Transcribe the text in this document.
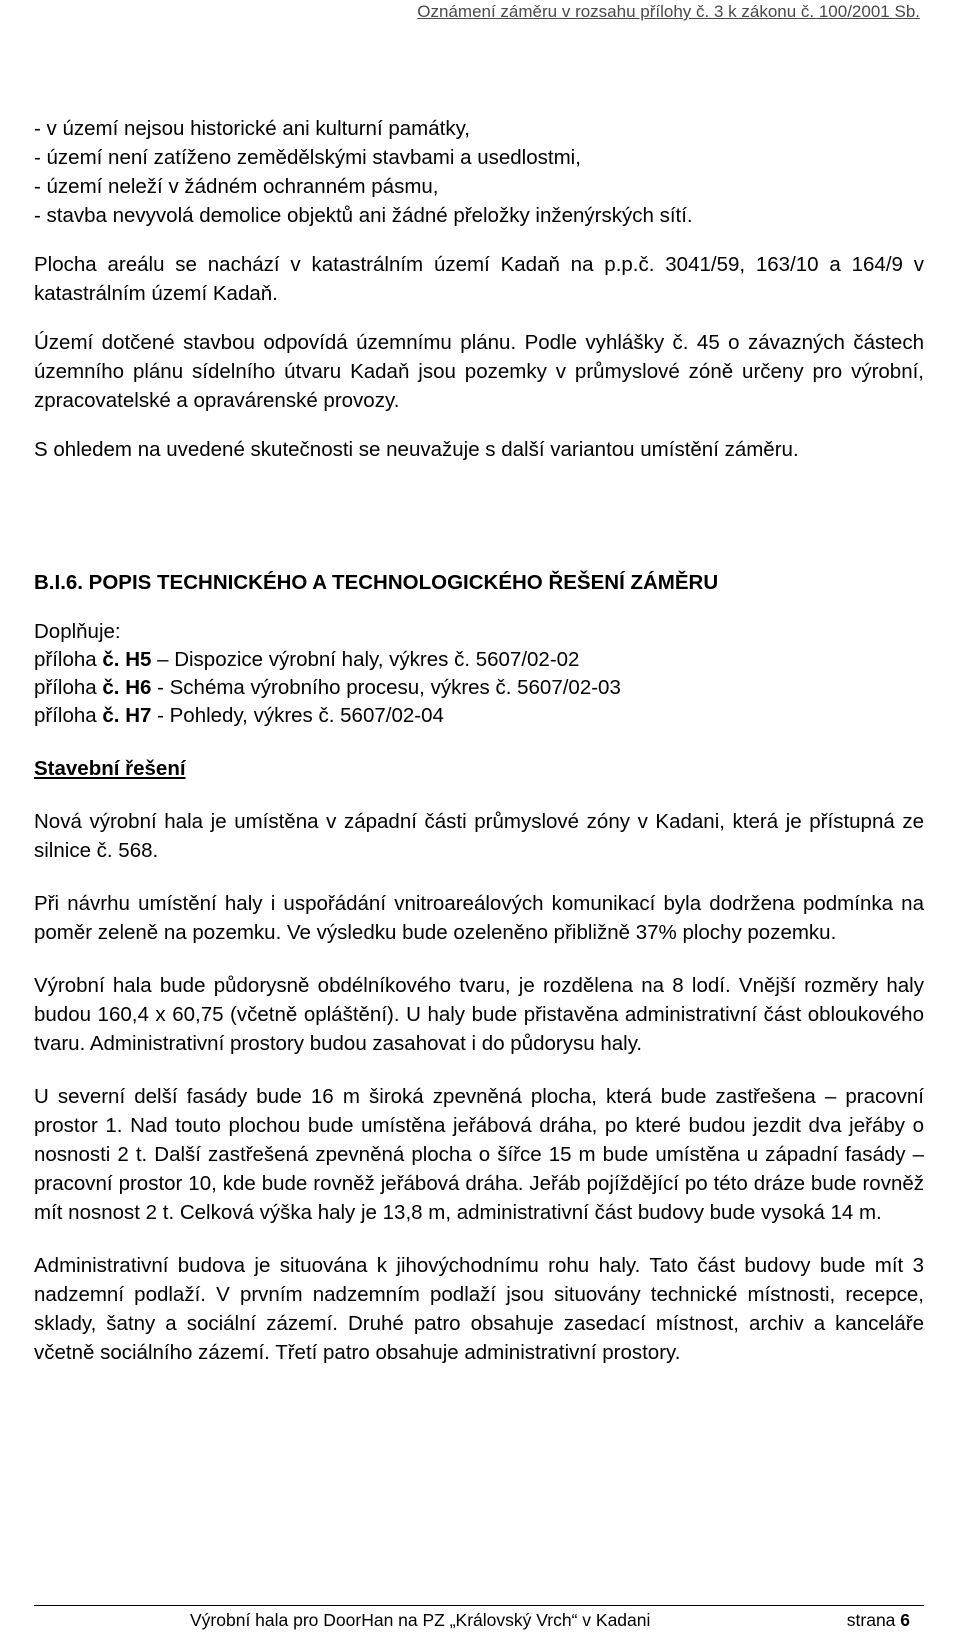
Oznámení záměru v rozsahu přílohy č. 3 k zákonu č. 100/2001 Sb.
- v území nejsou historické ani kulturní památky,
- území není zatíženo zemědělskými stavbami a usedlostmi,
- území neleží v žádném ochranném pásmu,
- stavba nevyvolá demolice objektů ani žádné přeložky inženýrských sítí.

Plocha areálu se nachází v katastrálním území Kadaň na p.p.č. 3041/59, 163/10 a 164/9 v katastrálním území Kadaň.

Území dotčené stavbou odpovídá územnímu plánu. Podle vyhlášky č. 45 o závazných částech územního plánu sídelního útvaru Kadaň jsou pozemky v průmyslové zóně určeny pro výrobní, zpracovatelské a opravárenské provozy.

S ohledem na uvedené skutečnosti se neuvažuje s další variantou umístění záměru.

B.I.6. POPIS TECHNICKÉHO A TECHNOLOGICKÉHO ŘEŠENÍ ZÁMĚRU

Doplňuje:

příloha č. H5 – Dispozice výrobní haly, výkres č. 5607/02-02

příloha č. H6 - Schéma výrobního procesu, výkres č. 5607/02-03

příloha č. H7 - Pohledy, výkres č. 5607/02-04

Stavební řešení

Nová výrobní hala je umístěna v západní části průmyslové zóny v Kadani, která je přístupná ze silnice č. 568.

Při návrhu umístění haly i uspořádání vnitroareálových komunikací byla dodržena podmínka na poměr zeleně na pozemku. Ve výsledku bude ozeleněno přibližně 37% plochy pozemku.

Výrobní hala bude půdorysně obdélníkového tvaru, je rozdělena na 8 lodí. Vnější rozměry haly budou 160,4 x 60,75 (včetně opláštění). U haly bude přistavěna administrativní část obloukového tvaru. Administrativní prostory budou zasahovat i do půdorysu haly.

U severní delší fasády bude 16 m široká zpevněná plocha, která bude zastřešena – pracovní prostor 1. Nad touto plochou bude umístěna jeřábová dráha, po které budou jezdit dva jeřáby o nosnosti 2 t. Další zastřešená zpevněná plocha o šířce 15 m bude umístěna u západní fasády – pracovní prostor 10, kde bude rovněž jeřábová dráha. Jeřáb pojíždějící po této dráze bude rovněž mít nosnost 2 t. Celková výška haly je 13,8 m, administrativní část budovy bude vysoká 14 m.

Administrativní budova je situována k jihovýchodnímu rohu haly. Tato část budovy bude mít 3 nadzemní podlaží. V prvním nadzemním podlaží jsou situovány technické místnosti, recepce, sklady, šatny a sociální zázemí. Druhé patro obsahuje zasedací místnost, archiv a kanceláře včetně sociálního zázemí. Třetí patro obsahuje administrativní prostory.

Výrobní hala pro DoorHan na PZ „Královský Vrch“ v Kadani	strana 6
